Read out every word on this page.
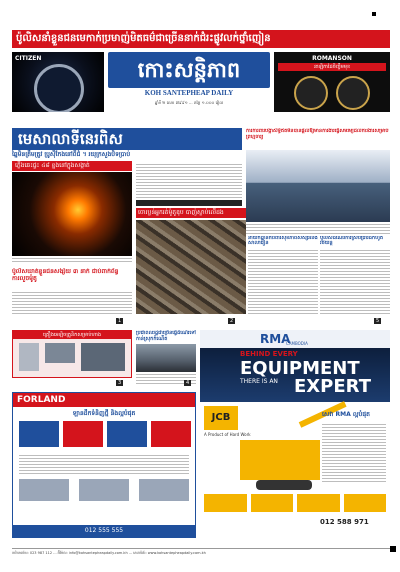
ប៉ូលិសនាំខ្លួនជនមេកាក់ប្រមាញ់មិតធម៌ជាច្រើននាក់ជំរះផ្លូវលក់ថ្នាំញៀន
CITIZEN	កោះសន្តិភាព
KOH SANTEPHEAP DAILY
ឆ្នាំទី ២ លេខ ៧៩៩១ ... តម្លៃ ១.០០០ រៀល
ROMANSON
នាឡិកាដៃចិញ្ចឹមមុខ
មេសាលាទីនេរពិស
ឆ្នៃមិនត្រឹមត្រូវ ប្រូស៊ីកែងនៅពីជំ ។ រយុក្រសួងបិទប្រាប់
ភ្លើងឆេះផ្ទះ ៤៨ ខ្នងនៅក្នុងសង្កាត់
ការការពារបង្កាសិទ្ធិឥតមិនបានផ្តល់ឱ្យមានការងារធ្វើសមរម្យដល់ការងារសម្រាប់ព្រហ្មចារ្យ
ចោរប្លន់អ្នករត់ម៉ូតូឌុប បាញ់ស្លាប់លើដង
2
នាយកដ្ឋានការពារសុខភាពសិស្សរំលងសាលារៀន
ប៉ូលិសដំណើរការស្រាវជ្រាវដកហូតរថយន្ត
5
ប៉ូលិសឃាត់ខ្លួនជនសង្ស័យ ៣ នាក់ ជាប់ពាក់ព័ន្ធការលួចម៉ូតូ
1
គ្រឿងអេឡិចត្រូនិកសម្រាប់ហាង
3
ប្រជាពលរដ្ឋជាច្រើនធ្វើដំណើរទៅកាន់ស្រុកកំណើត
4
FORLAND
ឡានដឹកទំនិញថ្មី និងល្អបំផុត
012 555 555
RMA
CAMBODIA
BEHIND EVERY
EQUIPMENT
THERE IS AN EXPERT
JCB
A Product of Hard Work
សេវា RMA ល្អបំផុត
012 588 971
ការិយាល័យ: 023 987 112 ... អ៊ីម៉ែល: info@kohsantepheapdaily.com.kh ... គេហទំព័រ: www.kohsantepheapdaily.com.kh
